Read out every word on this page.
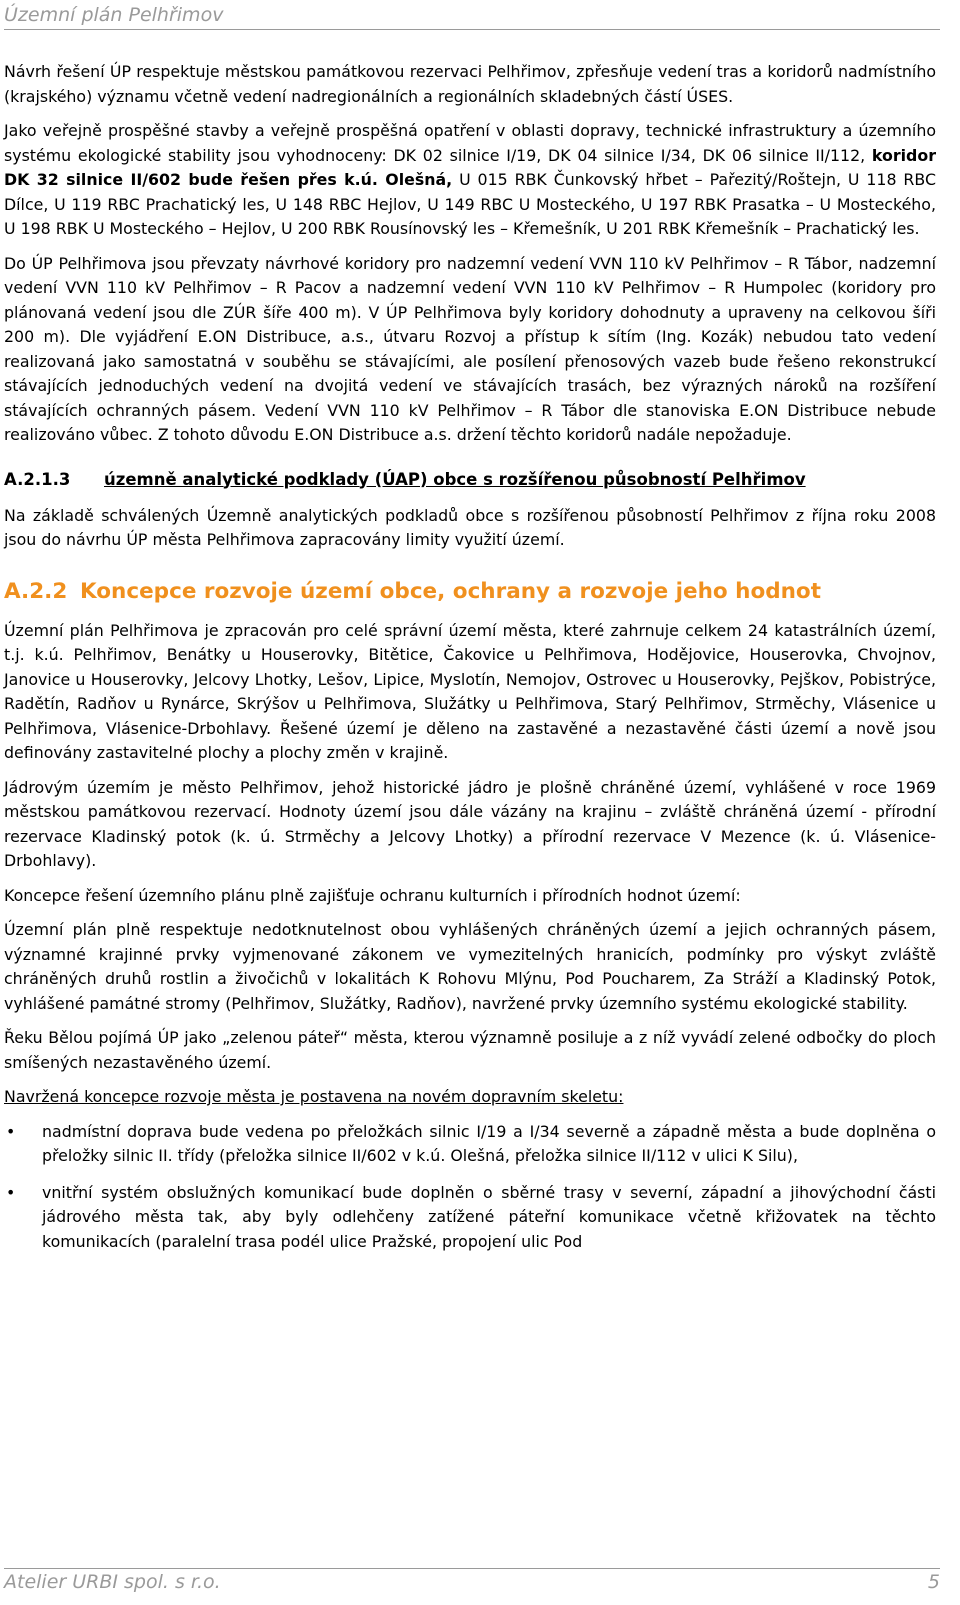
Územní plán Pelhřimov

Návrh řešení ÚP respektuje městskou památkovou rezervaci Pelhřimov, zpřesňuje vedení tras a koridorů nadmístního (krajského) významu včetně vedení nadregionálních a regionálních skladebných částí ÚSES.

Jako veřejně prospěšné stavby a veřejně prospěšná opatření v oblasti dopravy, technické infrastruktury a územního systému ekologické stability jsou vyhodnoceny: DK 02 silnice I/19, DK 04 silnice I/34, DK 06 silnice II/112, koridor DK 32 silnice II/602 bude řešen přes k.ú. Olešná, U 015 RBK Čunkovský hřbet – Pařezitý/Roštejn, U 118 RBC Dílce, U 119 RBC Prachatický les, U 148 RBC Hejlov, U 149 RBC U Mosteckého, U 197 RBK Prasatka – U Mosteckého, U 198 RBK U Mosteckého – Hejlov, U 200 RBK Rousínovský les – Křemešník, U 201 RBK Křemešník – Prachatický les.

Do ÚP Pelhřimova jsou převzaty návrhové koridory pro nadzemní vedení VVN 110 kV Pelhřimov – R Tábor, nadzemní vedení VVN 110 kV Pelhřimov – R Pacov a nadzemní vedení VVN 110 kV Pelhřimov – R Humpolec (koridory pro plánovaná vedení jsou dle ZÚR šíře 400 m). V ÚP Pelhřimova byly koridory dohodnuty a upraveny na celkovou šíři 200 m). Dle vyjádření E.ON Distribuce, a.s., útvaru Rozvoj a přístup k sítím (Ing. Kozák) nebudou tato vedení realizovaná jako samostatná v souběhu se stávajícími, ale posílení přenosových vazeb bude řešeno rekonstrukcí stávajících jednoduchých vedení na dvojitá vedení ve stávajících trasách, bez výrazných nároků na rozšíření stávajících ochranných pásem. Vedení VVN 110 kV Pelhřimov – R Tábor dle stanoviska E.ON Distribuce nebude realizováno vůbec. Z tohoto důvodu E.ON Distribuce a.s. držení těchto koridorů nadále nepožaduje.

A.2.1.3	územně analytické podklady (ÚAP) obce s rozšířenou působností Pelhřimov

Na základě schválených Územně analytických podkladů obce s rozšířenou působností Pelhřimov z října roku 2008 jsou do návrhu ÚP města Pelhřimova zapracovány limity využití území.

A.2.2 Koncepce rozvoje území obce, ochrany a rozvoje jeho hodnot

Územní plán Pelhřimova je zpracován pro celé správní území města, které zahrnuje celkem 24 katastrálních území, t.j. k.ú. Pelhřimov, Benátky u Houserovky, Bitětice, Čakovice u Pelhřimova, Hodějovice, Houserovka, Chvojnov, Janovice u Houserovky, Jelcovy Lhotky, Lešov, Lipice, Myslotín, Nemojov, Ostrovec u Houserovky, Pejškov, Pobistrýce, Radětín, Radňov u Rynárce, Skrýšov u Pelhřimova, Služátky u Pelhřimova, Starý Pelhřimov, Strměchy, Vlásenice u Pelhřimova, Vlásenice-Drbohlavy. Řešené území je děleno na zastavěné a nezastavěné části území a nově jsou definovány zastavitelné plochy a plochy změn v krajině.

Jádrovým územím je město Pelhřimov, jehož historické jádro je plošně chráněné území, vyhlášené v roce 1969 městskou památkovou rezervací. Hodnoty území jsou dále vázány na krajinu – zvláště chráněná území - přírodní rezervace Kladinský potok (k. ú. Strměchy a Jelcovy Lhotky) a přírodní rezervace V Mezence (k. ú. Vlásenice-Drbohlavy).

Koncepce řešení územního plánu plně zajišťuje ochranu kulturních i přírodních hodnot území:

Územní plán plně respektuje nedotknutelnost obou vyhlášených chráněných území a jejich ochranných pásem, významné krajinné prvky vyjmenované zákonem ve vymezitelných hranicích, podmínky pro výskyt zvláště chráněných druhů rostlin a živočichů v lokalitách K Rohovu Mlýnu, Pod Poucharem, Za Stráží a Kladinský Potok, vyhlášené památné stromy (Pelhřimov, Služátky, Radňov), navržené prvky územního systému ekologické stability.

Řeku Bělou pojímá ÚP jako „zelenou páteř“ města, kterou významně posiluje a z níž vyvádí zelené odbočky do ploch smíšených nezastavěného území.

Navržená koncepce rozvoje města je postavena na novém dopravním skeletu:

• nadmístní doprava bude vedena po přeložkách silnic I/19 a I/34 severně a západně města a bude doplněna o přeložky silnic II. třídy (přeložka silnice II/602 v k.ú. Olešná, přeložka silnice II/112 v ulici K Silu),
• vnitřní systém obslužných komunikací bude doplněn o sběrné trasy v severní, západní a jihovýchodní části jádrového města tak, aby byly odlehčeny zatížené páteřní komunikace včetně křižovatek na těchto komunikacích (paralelní trasa podél ulice Pražské, propojení ulic Pod
Atelier URBI spol. s r.o.	5
